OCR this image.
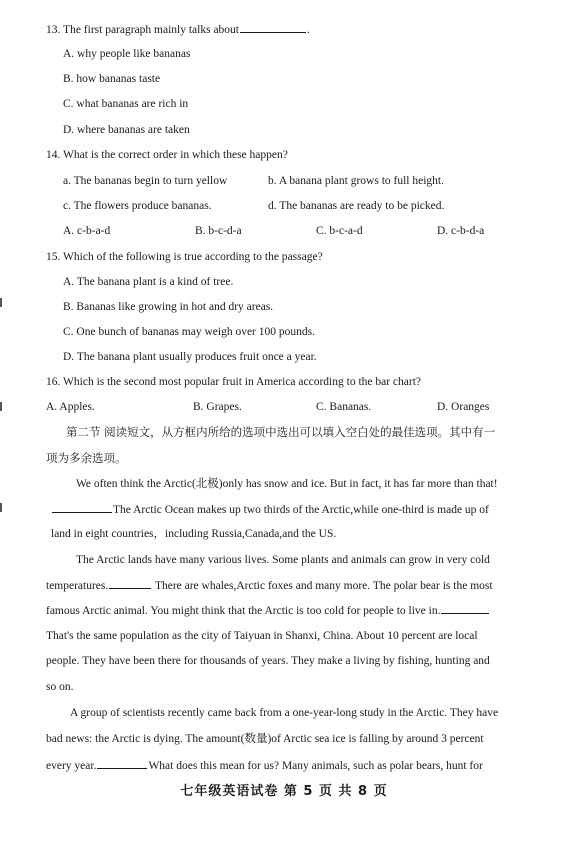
13. The first paragraph mainly talks about	.
A. why people like bananas
B. how bananas taste
C. what bananas are rich in
D. where bananas are taken
14. What is the correct order in which these happen?
a. The bananas begin to turn yellow	b. A banana plant grows to full height.
c. The flowers produce bananas.	d. The bananas are ready to be picked.
A. c-b-a-d	B. b-c-d-a	C. b-c-a-d	D. c-b-d-a
15. Which of the following is true according to the passage?
A. The banana plant is a kind of tree.
B. Bananas like growing in hot and dry areas.
C. One bunch of bananas may weigh over 100 pounds.
D. The banana plant usually produces fruit once a year.
16. Which is the second most popular fruit in America according to the bar chart?
A. Apples.	B. Grapes.	C. Bananas.	D. Oranges
第二节 阅读短文，从方框内所给的选项中选出可以填入空白处的最佳选项。其中有一
项为多余选项。
We often think the Arctic(北极)only has snow and ice. But in fact, it has far more than that!
The Arctic Ocean makes up two thirds of the Arctic,while one-third is made up of
land in eight countries，including Russia,Canada,and the US.
The Arctic lands have many various lives. Some plants and animals can grow in very cold
temperatures.	There are whales,Arctic foxes and many more. The polar bear is the most
famous Arctic animal. You might think that the Arctic is too cold for people to live in.
That's the same population as the city of Taiyuan in Shanxi, China. About 10 percent are local
people. They have been there for thousands of years. They make a living by fishing, hunting and
so on.
A group of scientists recently came back from a one-year-long study in the Arctic. They have
bad news: the Arctic is dying. The amount(数量)of Arctic sea ice is falling by around 3 percent
every year.	What does this mean for us? Many animals, such as polar bears, hunt for
七年级英语试卷 第 5 页 共 8 页
